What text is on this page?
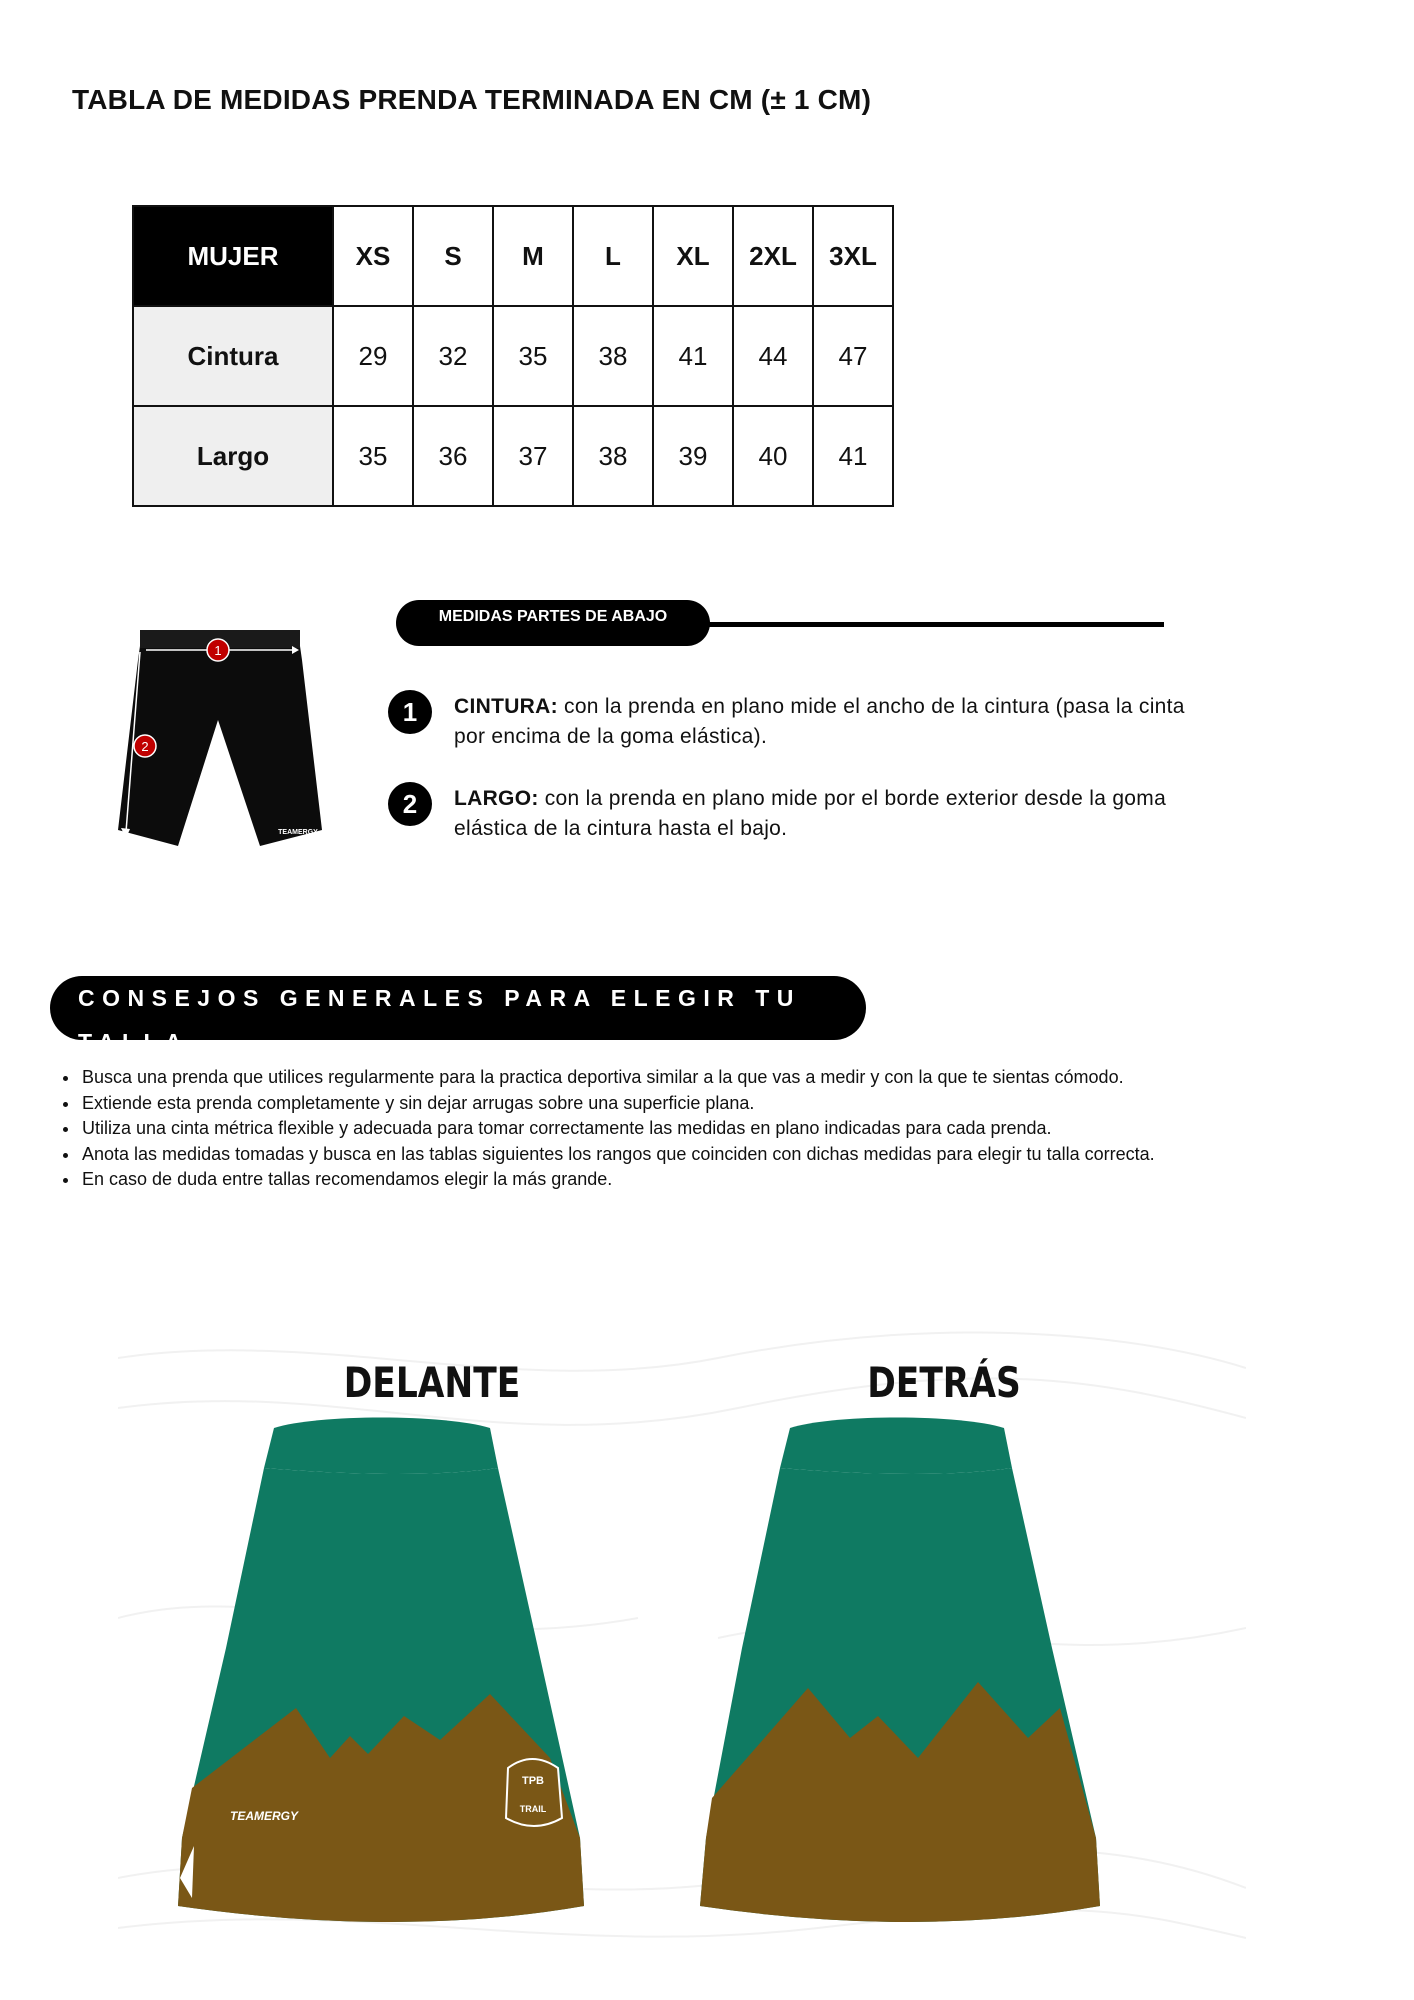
TABLA DE MEDIDAS PRENDA TERMINADA EN CM (± 1 CM)
MUJER	XS	S	M	L	XL	2XL	3XL
Cintura	29	32	35	38	41	44	47
Largo	35	36	37	38	39	40	41
1
2
TEAMERGY
MEDIDAS PARTES DE ABAJO
1	CINTURA: con la prenda en plano mide el ancho de la cintura (pasa la cinta por encima de la goma elástica).
2	LARGO: con la prenda en plano mide por el borde exterior desde la goma elástica de la cintura hasta el bajo.
CONSEJOS GENERALES PARA ELEGIR TU TALLA
• Busca una prenda que utilices regularmente para la practica deportiva similar a la que vas a medir y con la que te sientas cómodo.
• Extiende esta prenda completamente y sin dejar arrugas sobre una superficie plana.
• Utiliza una cinta métrica flexible y adecuada para tomar correctamente las medidas en plano indicadas para cada prenda.
• Anota las medidas tomadas y busca en las tablas siguientes los rangos que coinciden con dichas medidas para elegir tu talla correcta.
• En caso de duda entre tallas recomendamos elegir la más grande.
TEAMERGY
TPB
TRAIL
DELANTE	DETRÁS
